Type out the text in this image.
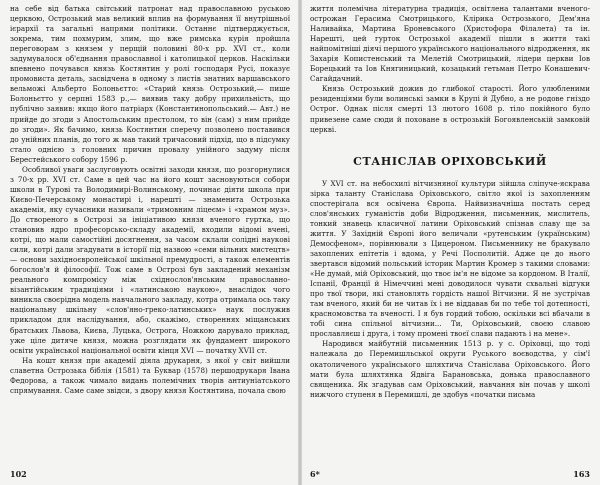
на себе від батька світський патронат над православною руською церквою, Острозький мав великий вплив на формування її внутрішньої ієрархії та загальні напрями політики. Останнє підтверджується, зокрема, тим похмурим, злим, що вже римська курія пройшла переговорам з князем у перщій половині 80-х рр. XVI ст., коли задумувалося об'єднання православної і католицької церков. Наскільки впевнено почувався князь Костянтин у ролі господаря Русі, показує промовиста деталь, засвідчена в одному з листів знатних варшавського вельможі Альберто Болоньєтто: «Старий князь Острозький,— пише Болоньєтто у серпні 1583 р.,— виявив таку добру прихильність, що публічно заявив: якщо його патріарх (Константинопольський.— Авт.) не прийде до згоди з Апостольським престолом, то він (сам) з ним прийде до згоди». Як бачимо, князь Костянтин сперечу позволено поставився до унійних планів, до того ж мав такий тричасовий підхід, що в підсумку стало однією з головних причин провалу унійного задуму після Берестейського собору 1596 р.

Особливої уваги заслуговують освітні заходи князя, що розгорнулися з 70-х рр. XVI ст. Саме в цей час на його кошт засновуються собори школи в Турові та Володимирі-Волинському, починає діяти школа при Києво-Печерському монастирі і, нарешті — знаменита Острозька академія, яку сучасники називали «тримовним ліцеєм» і «храмом муз». До створеного в Острозі за ініціативою князя вченого гуртка, що становив ядро професорсько-складу академії, входили відомі вчені, котрі, що мали самостійні досягнення, за часом склали солідні наукові сили, котрі дали згадувати в історії під назвою «семи вільних мистецтв» — основи західноєвропейської шкільної премудрості, а також елементів богослов'я й філософії. Тож саме в Острозі був закладений механізм реального компромісу між східнослов'янським православно-візантійським традиціями і «латинською наукою», внаслідок чого виникла своєрідна модель навчального закладу, котра отримала ось таку національну шкільну «слов'яно-греко-латинських» наук послужив прикладом для наслідування, або, скажімо, створеннях міщанських братських Львова, Києва, Луцька, Острога, Ножкою дарувало приклад, уже ціле дитяче князя, можна розглядати як фундамент широкого освіти української національної освіти кінця XVI — початку XVII ст.

На кошт князя при академії діяла друкарня, з якої у світ вийшли славетна Острозька біблія (1581) та Буквар (1578) першодрукаря Івана Федорова, а також чимало видань полемічних творів антиуніатського спрямування. Саме саме звідси, з двору князя Костянтина, почала свою

102

життя полемічна літературна традиція, освітлена талантами вченого-острожан Герасима Смотрицького, Клірика Острозького, Дем'яна Наливайка, Мартина Броневського (Христофора Філалета) та ін. Нарешті, цей гурток Острозької академії пішли в життя такі найпомітніші діячі першого українського національного відродження, як Захарія Копистенський та Мелетій Смотрицький, лідери церкви Іов Борецький та Іов Княгиницький, козацький гетьман Петро Конашевич-Сагайдачний.

Князь Острозький дожив до глибокої старості. Його улюбленими резиденціями були волинські замки в Крупі й Дубно, а не родове гніздо Острог. Однак після смерті 13 лютого 1608 р. тіло покійного було привезене саме сюди й поховане в острозькій Богоявленській замковій церкві.

СТАНІСЛАВ ОРІХОВСЬКИЙ

У XVI ст. на небосхилі вітчизняної культури зійшла сліпуче-яскрава зірка таланту Станіслава Оріховського, світло якої із захопленням спостерігала вся освічена Європа. Найвизначніша постать серед слов'янських гуманістів доби Відродження, письменник, мислитель, тонкий знавець класичної латини Оріховський спізнав славу ще за життя. У Західній Європі його величали «рутенським (українським) Демосфеном», порівнювали з Цицероном. Письменнику не бракувало захоплених епітетів і вдома, у Речі Посполитій. Адже це до нього звертався відомий польський історик Мартин Кромер з такими словами: «Не думай, мій Оріховський, що твоє ім'я не відоме за кордоном. В Італії, Іспанії, Франції й Німеччині мені доводилося чувати схвальні відгуки про твої твори, які становлять гордість нашої Вітчизни. Я не зустрічав там вченого, який би не читав їх і не віддавав би по тебе тої дотепності, красномовства та вченості. І я був гордий тобою, оскільки всі вбачали в тобі сина спільної вітчизни... Ти, Оріховський, своєю славою прославляєш і друга, і тому промені твоєї слави падають і на мене».

Народився майбутній письменник 1513 р. у с. Оріховці, що тоді належала до Перемишльської округи Руського воєводства, у сім'ї окатоличеного українського шляхтича Станіслава Оріховського. Його мати була шляхтянка Ядвіга Барановська, донька православного священика. Як згадував сам Оріховський, навчання він почав у школі нижчого ступеня в Перемишлі, де здобув «початки письма

6*	163
